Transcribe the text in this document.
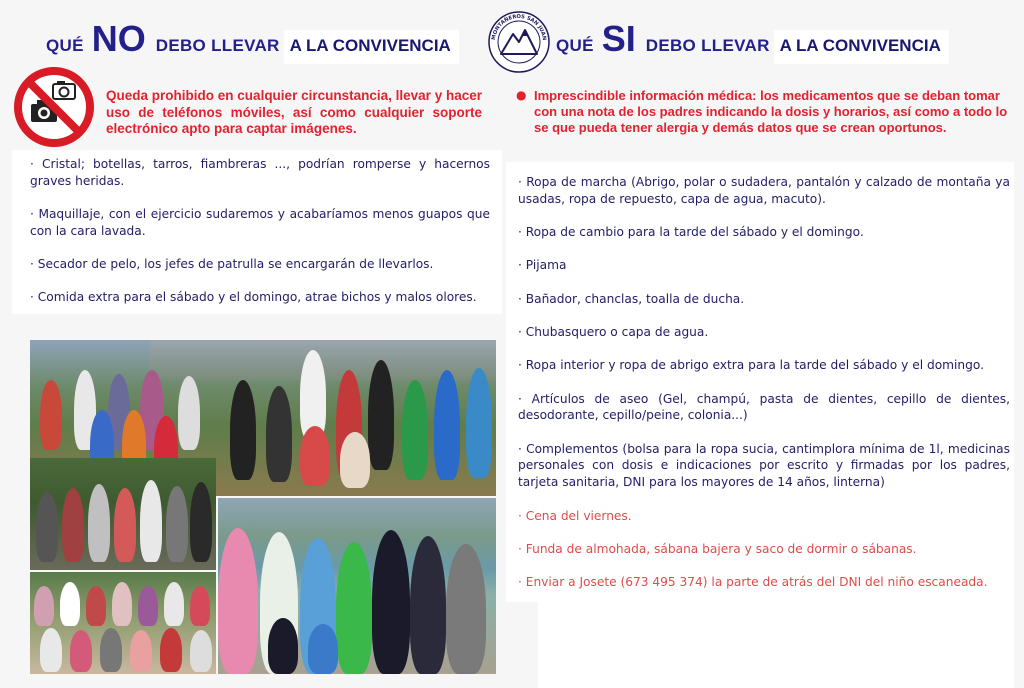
QUÉ NO DEBO LLEVAR A LA CONVIVENCIA	MONTAÑEROS SAN JUAN QUÉ SI DEBO LLEVAR A LA CONVIVENCIA
Queda prohibido en cualquier circunstancia, llevar y hacer uso de teléfonos móviles, así como cualquier soporte electrónico apto para captar imágenes.
● Imprescindible información médica: los medicamentos que se deban tomar con una nota de los padres indicando la dosis y horarios, así como a todo lo se que pueda tener alergia y demás datos que se crean oportunos.

· Cristal; botellas, tarros, fiambreras ..., podrían romperse y hacernos graves heridas.

· Maquillaje, con el ejercicio sudaremos y acabaríamos menos guapos que con la cara lavada.

· Secador de pelo, los jefes de patrulla se encargarán de llevarlos.

· Comida extra para el sábado y el domingo, atrae bichos y malos olores.

· Ropa de marcha (Abrigo, polar o sudadera, pantalón y calzado de montaña ya usadas, ropa de repuesto, capa de agua, macuto).

· Ropa de cambio para la tarde del sábado y el domingo.

· Pijama

· Bañador, chanclas, toalla de ducha.

· Chubasquero o capa de agua.

· Ropa interior y ropa de abrigo extra para la tarde del sábado y el domingo.

· Artículos de aseo (Gel, champú, pasta de dientes, cepillo de dientes, desodorante, cepillo/peine, colonia...)

· Complementos (bolsa para la ropa sucia, cantimplora mínima de 1l, medicinas personales con dosis e indicaciones por escrito y firmadas por los padres, tarjeta sanitaria, DNI para los mayores de 14 años, linterna)

· Cena del viernes.

· Funda de almohada, sábana bajera y saco de dormir o sábanas.

· Enviar a Josete (673 495 374) la parte de atrás del DNI del niño escaneada.
